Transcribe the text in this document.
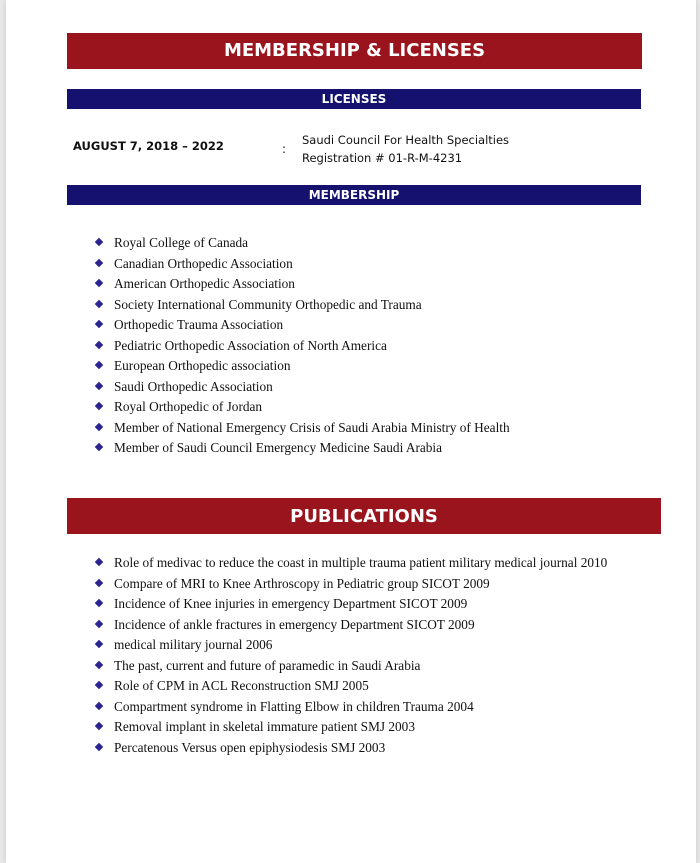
MEMBERSHIP & LICENSES
LICENSES
AUGUST 7, 2018 – 2022	:
Saudi Council For Health Specialties
Registration # 01-R-M-4231
MEMBERSHIP
Royal College of Canada
Canadian Orthopedic Association
American Orthopedic Association
Society International Community Orthopedic and Trauma
Orthopedic Trauma Association
Pediatric Orthopedic Association of North America
European Orthopedic association
Saudi Orthopedic Association
Royal Orthopedic of Jordan
Member of National Emergency Crisis of Saudi Arabia Ministry of Health
Member of Saudi Council Emergency Medicine Saudi Arabia
PUBLICATIONS
Role of medivac to reduce the coast in multiple trauma patient military medical journal 2010
Compare of MRI to Knee Arthroscopy in Pediatric group SICOT 2009
Incidence of Knee injuries in emergency Department SICOT 2009
Incidence of ankle fractures in emergency Department SICOT 2009
medical military journal 2006
The past, current and future of paramedic in Saudi Arabia
Role of CPM in ACL Reconstruction SMJ 2005
Compartment syndrome in Flatting Elbow in children Trauma 2004
Removal implant in skeletal immature patient SMJ 2003
Percatenous Versus open epiphysiodesis SMJ 2003
